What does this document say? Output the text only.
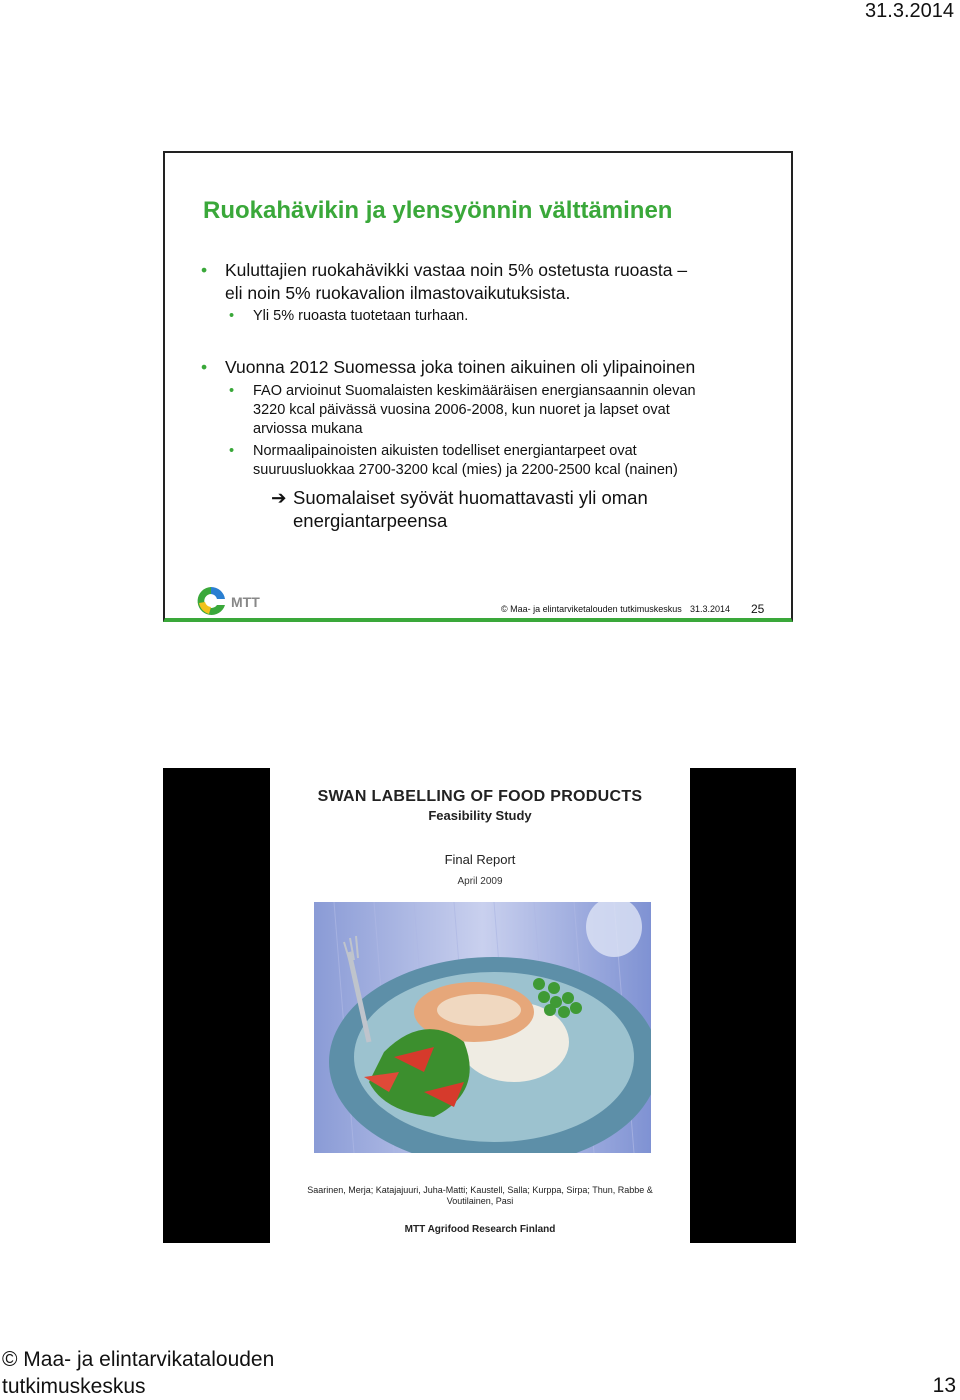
31.3.2014
Ruokahävikin ja ylensyönnin välttäminen
• Kuluttajien ruokahävikki vastaa noin 5% ostetusta ruoasta –
eli noin 5% ruokavalion ilmastovaikutuksista.
• Yli 5% ruoasta tuotetaan turhaan.
• Vuonna 2012 Suomessa joka toinen aikuinen oli ylipainoinen
• FAO arvioinut Suomalaisten keskimääräisen energiansaannin olevan
3220 kcal päivässä vuosina 2006-2008, kun nuoret ja lapset ovat
arviossa mukana
• Normaalipainoisten aikuisten todelliset energiantarpeet ovat
suuruusluokkaa 2700-3200 kcal (mies) ja 2200-2500 kcal (nainen)
➔ Suomalaiset syövät huomattavasti yli oman
energiantarpeensa
MTT	© Maa- ja elintarviketalouden tutkimuskeskus 31.3.2014 25
SWAN LABELLING OF FOOD PRODUCTS
Feasibility Study
Final Report
April 2009
Saarinen, Merja; Katajajuuri, Juha-Matti; Kaustell, Salla; Kurppa, Sirpa; Thun, Rabbe &
Voutilainen, Pasi
MTT Agrifood Research Finland
© Maa- ja elintarvikatalouden
tutkimuskeskus	13
